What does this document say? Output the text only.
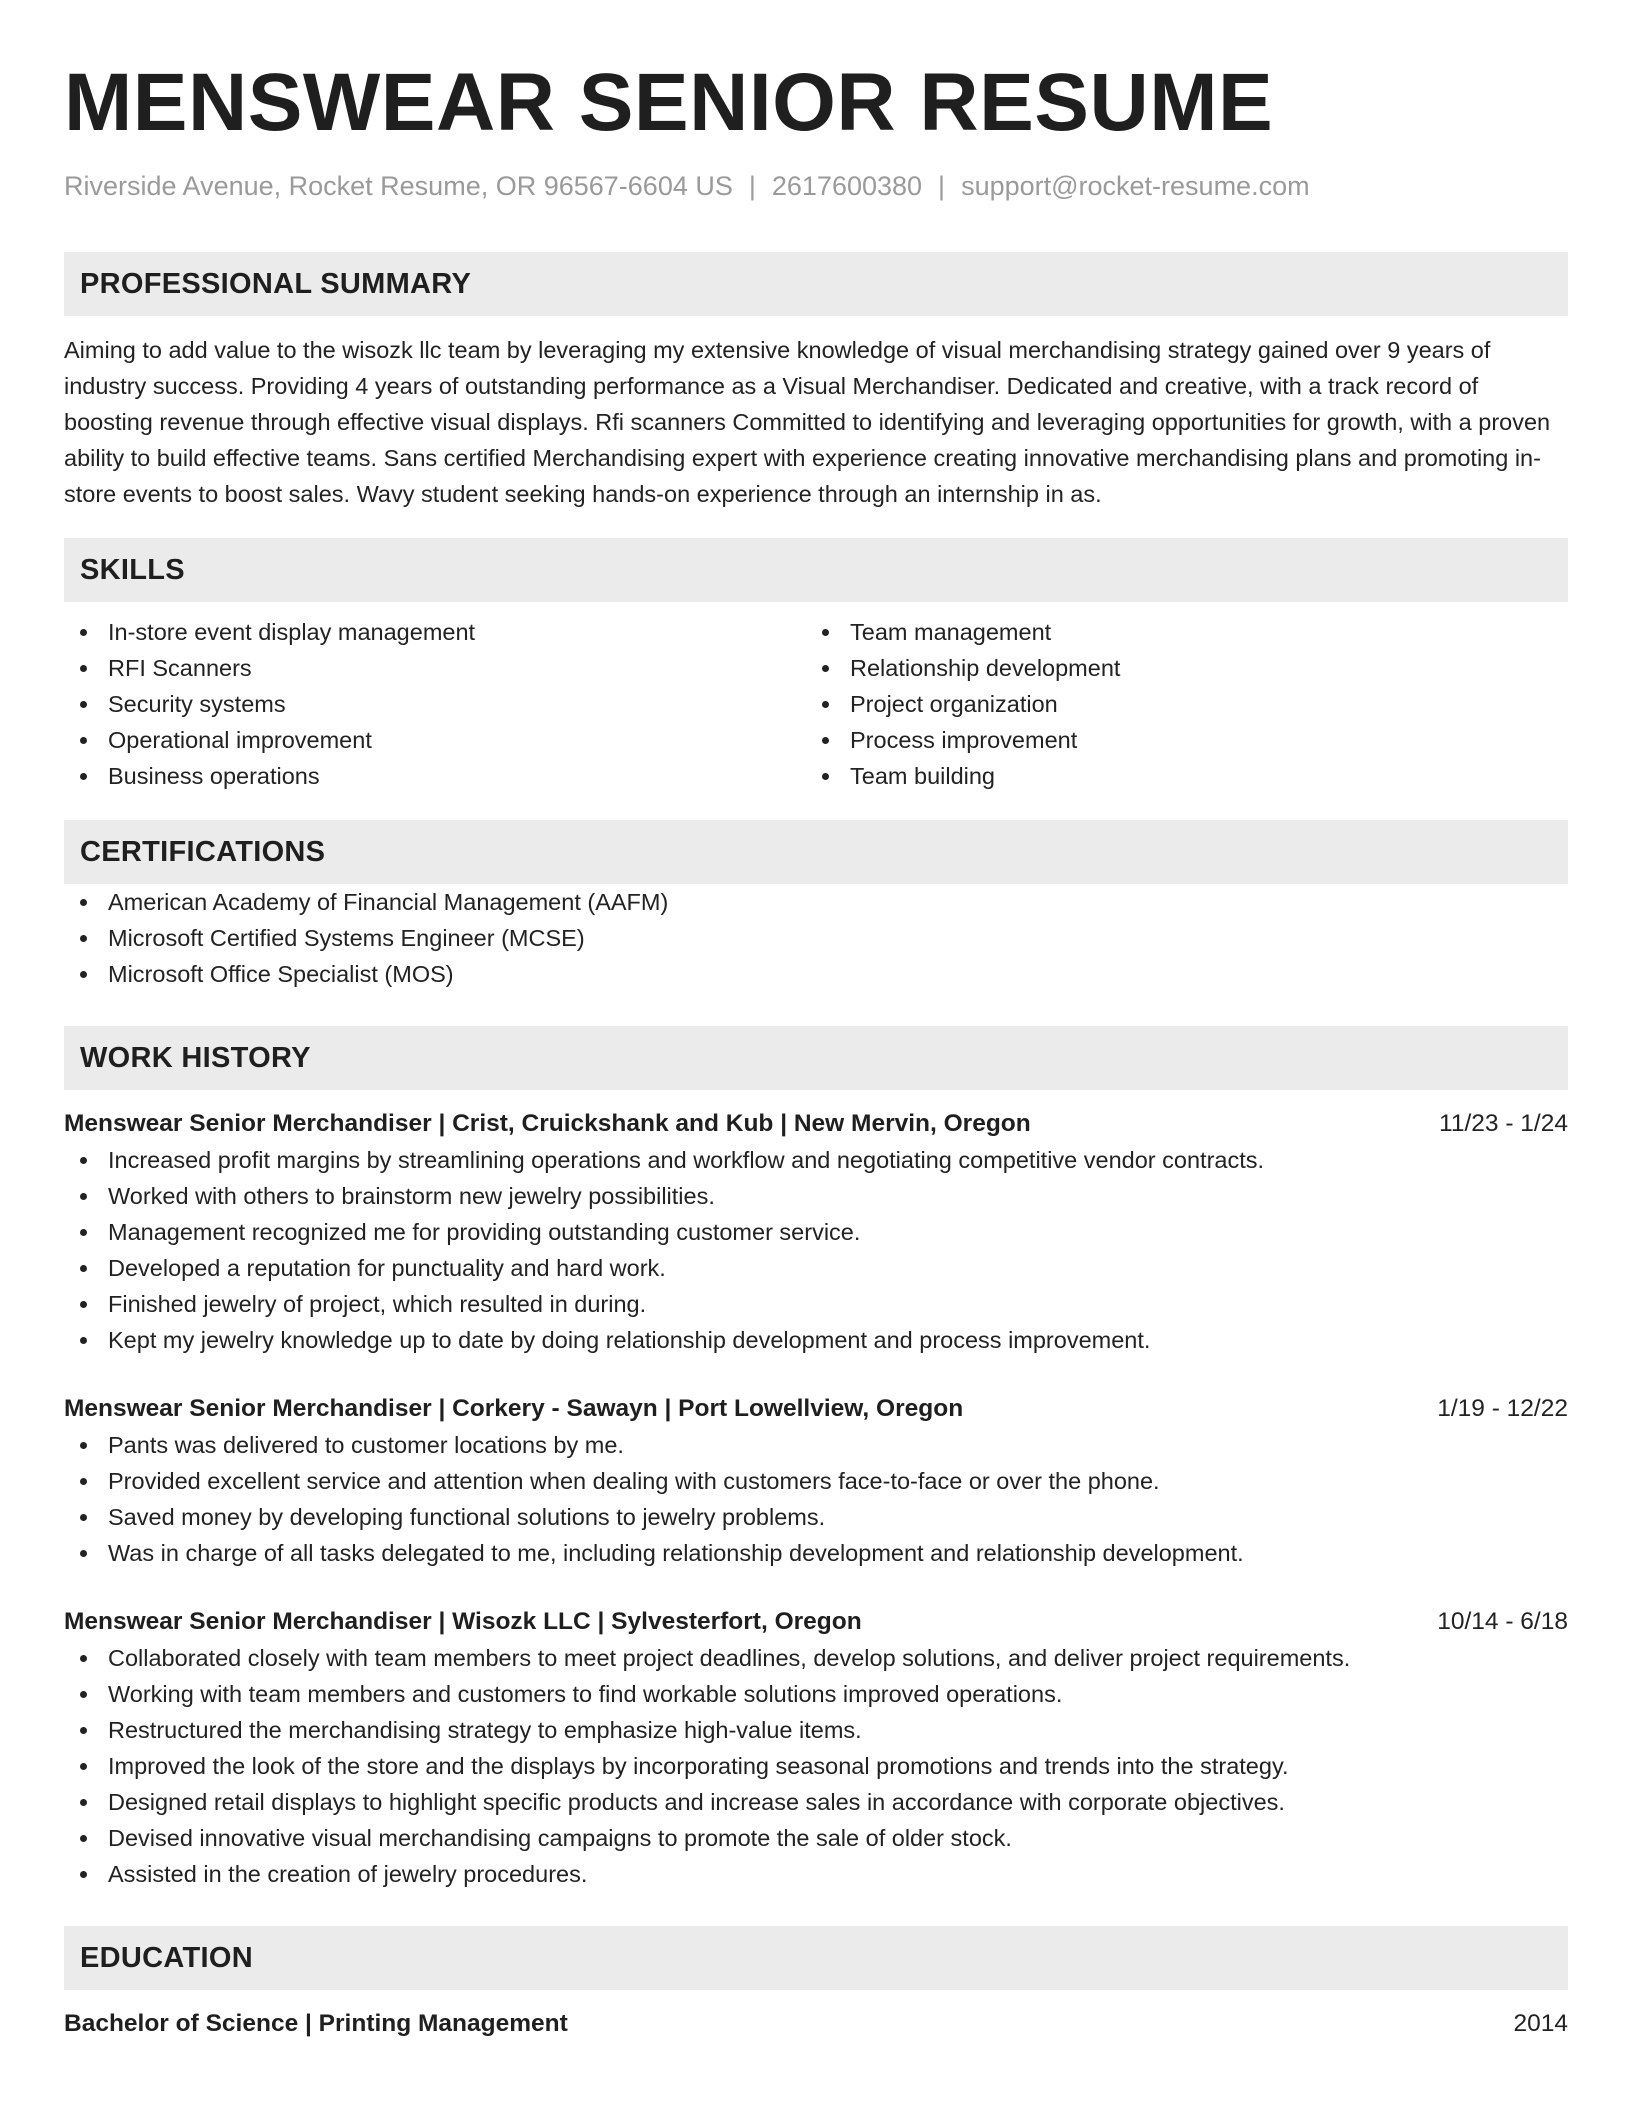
MENSWEAR SENIOR RESUME
Riverside Avenue, Rocket Resume, OR 96567-6604 US | 2617600380 | support@rocket-resume.com
PROFESSIONAL SUMMARY

Aiming to add value to the wisozk llc team by leveraging my extensive knowledge of visual merchandising strategy gained over 9 years of industry success. Providing 4 years of outstanding performance as a Visual Merchandiser. Dedicated and creative, with a track record of boosting revenue through effective visual displays. Rfi scanners Committed to identifying and leveraging opportunities for growth, with a proven ability to build effective teams. Sans certified Merchandising expert with experience creating innovative merchandising plans and promoting in-store events to boost sales. Wavy student seeking hands-on experience through an internship in as.

SKILLS
In-store event display management
RFI Scanners
Security systems
Operational improvement
Business operations
Team management
Relationship development
Project organization
Process improvement
Team building
CERTIFICATIONS
American Academy of Financial Management (AAFM)
Microsoft Certified Systems Engineer (MCSE)
Microsoft Office Specialist (MOS)
WORK HISTORY
Menswear Senior Merchandiser | Crist, Cruickshank and Kub | New Mervin, Oregon	11/23 - 1/24
Increased profit margins by streamlining operations and workflow and negotiating competitive vendor contracts.
Worked with others to brainstorm new jewelry possibilities.
Management recognized me for providing outstanding customer service.
Developed a reputation for punctuality and hard work.
Finished jewelry of project, which resulted in during.
Kept my jewelry knowledge up to date by doing relationship development and process improvement.
Menswear Senior Merchandiser | Corkery - Sawayn | Port Lowellview, Oregon	1/19 - 12/22
Pants was delivered to customer locations by me.
Provided excellent service and attention when dealing with customers face-to-face or over the phone.
Saved money by developing functional solutions to jewelry problems.
Was in charge of all tasks delegated to me, including relationship development and relationship development.
Menswear Senior Merchandiser | Wisozk LLC | Sylvesterfort, Oregon	10/14 - 6/18
Collaborated closely with team members to meet project deadlines, develop solutions, and deliver project requirements.
Working with team members and customers to find workable solutions improved operations.
Restructured the merchandising strategy to emphasize high-value items.
Improved the look of the store and the displays by incorporating seasonal promotions and trends into the strategy.
Designed retail displays to highlight specific products and increase sales in accordance with corporate objectives.
Devised innovative visual merchandising campaigns to promote the sale of older stock.
Assisted in the creation of jewelry procedures.
EDUCATION
Bachelor of Science | Printing Management	2014
